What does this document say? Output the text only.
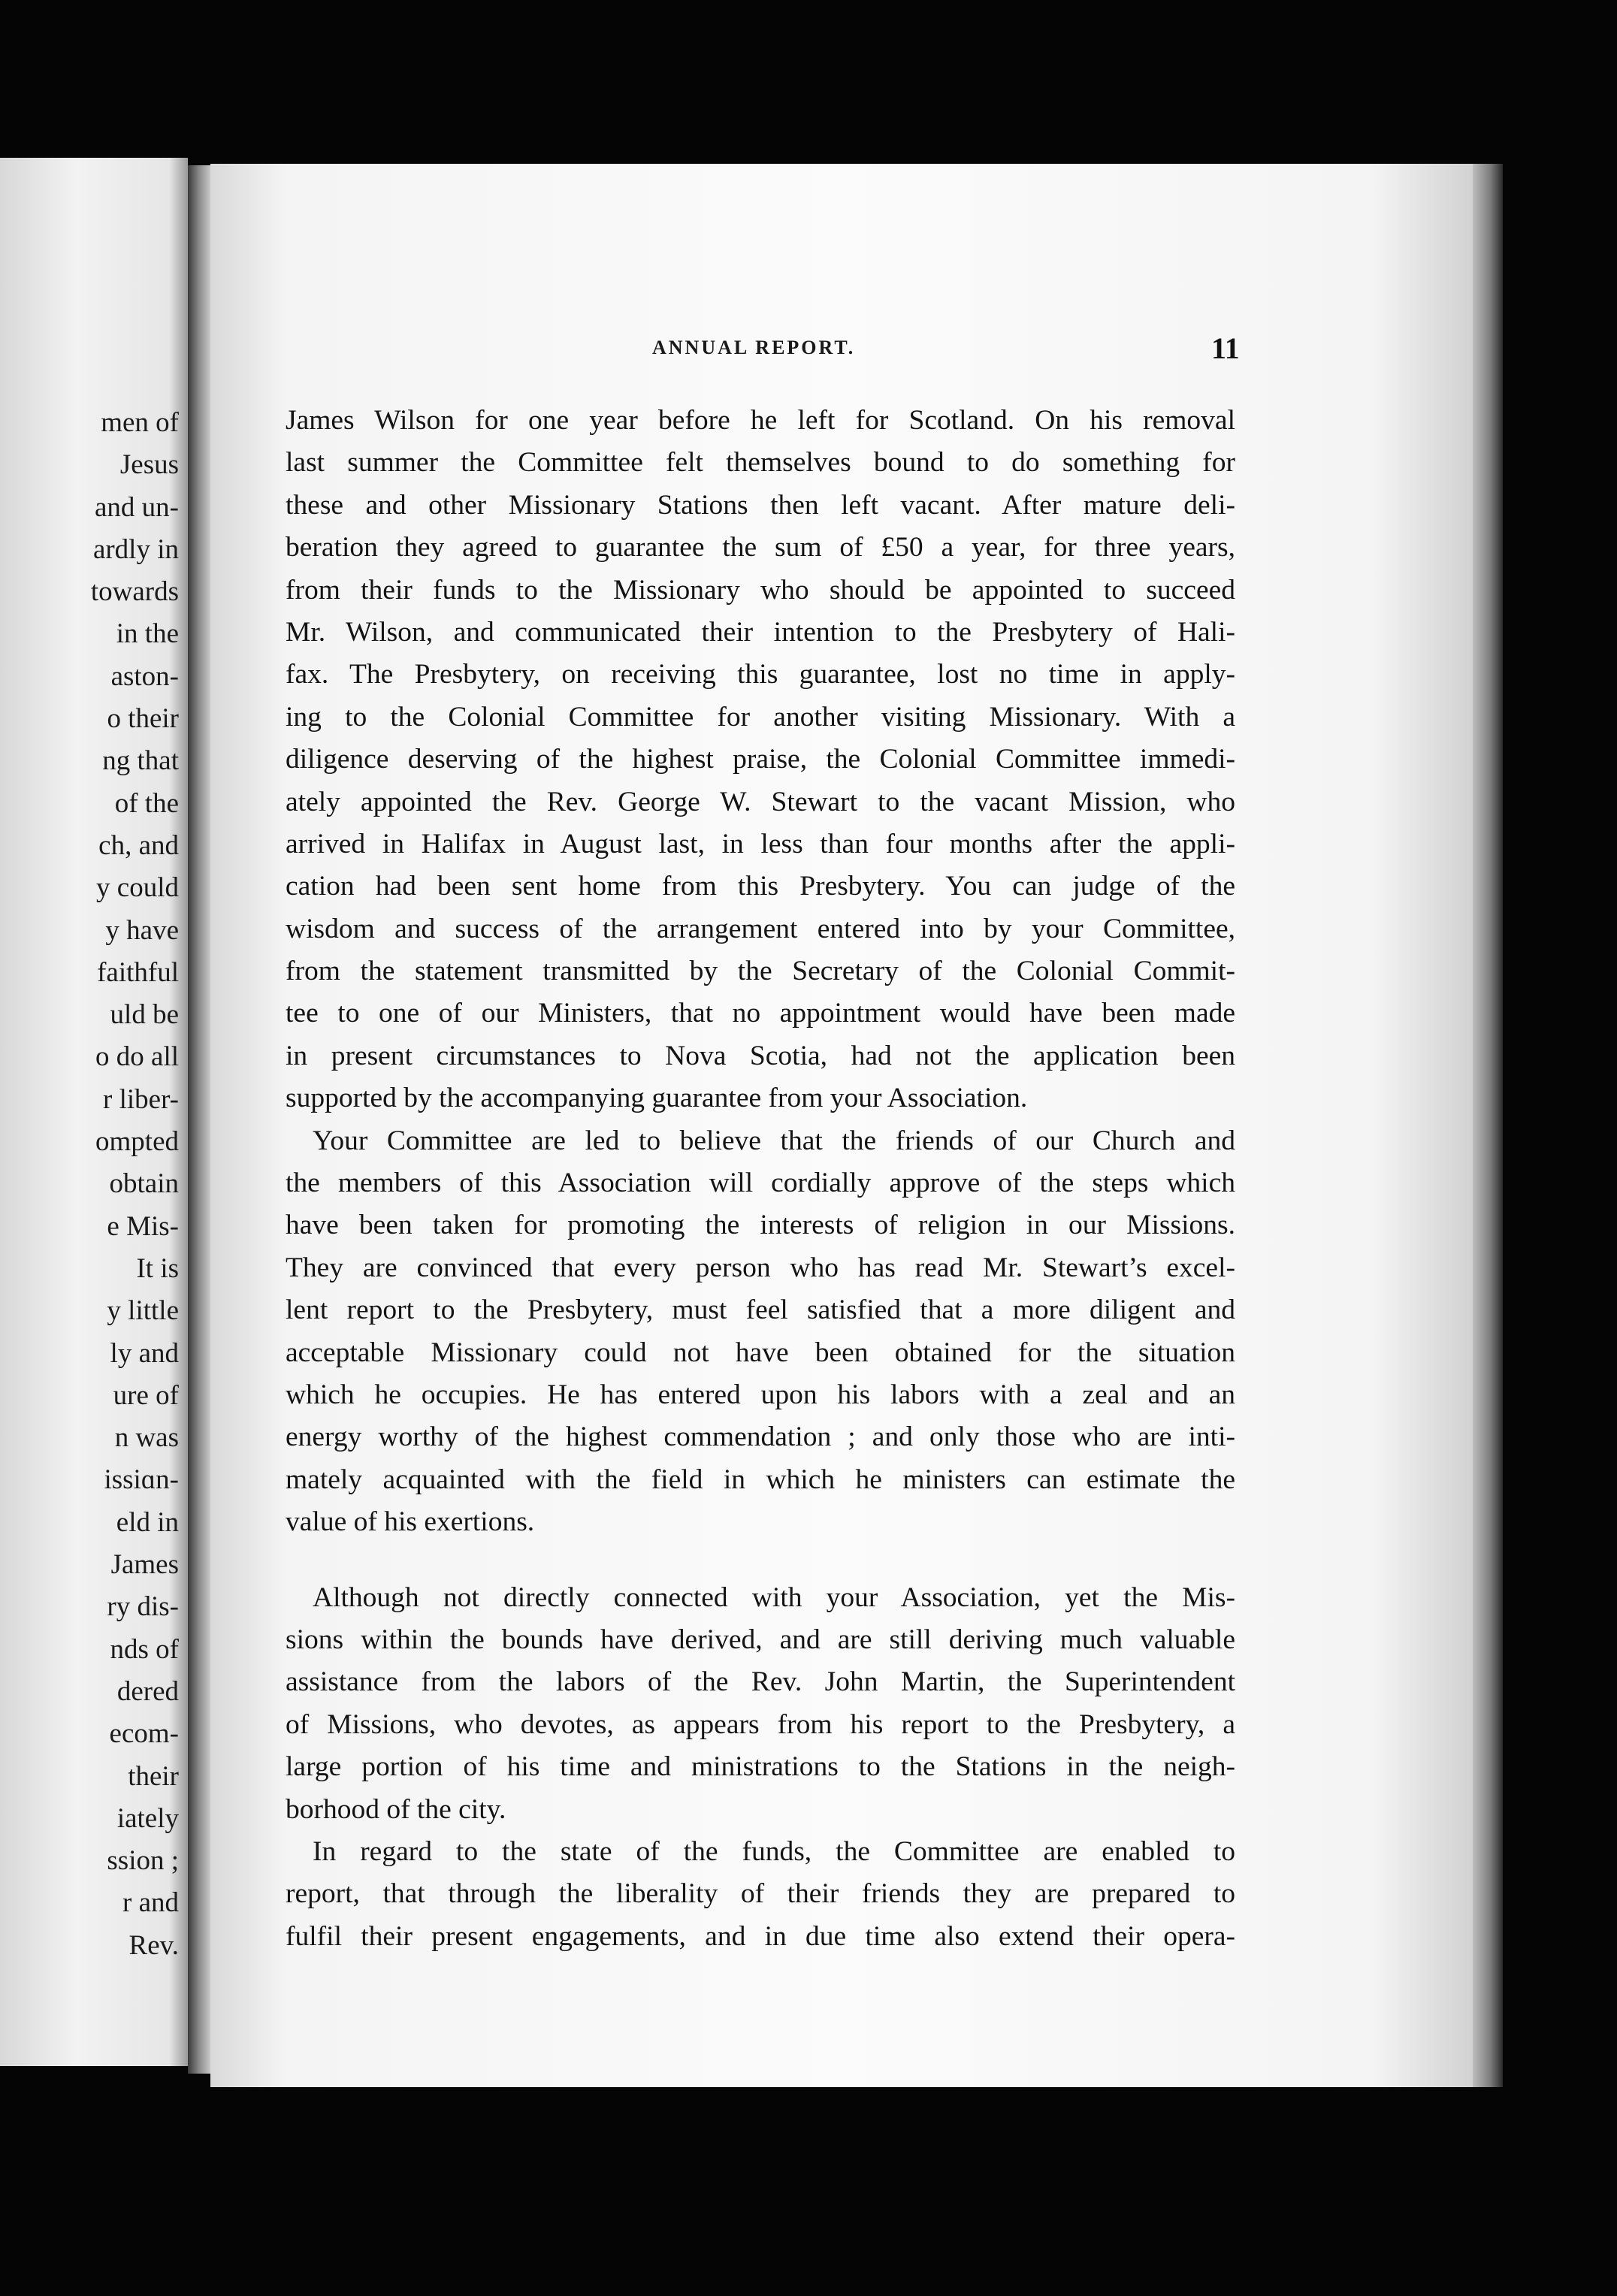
men of
Jesus
and un-
ardly in
towards
in the
aston-
o their
ng that
of the
ch, and
y could
y have
faithful
uld be
o do all
r liber-
ompted
obtain
e Mis-
It is
y little
ly and
ure of
n was
issiɑn-
eld in
James
ry dis-
nds of
dered
ecom-
their
iately
ssion ;
r and
Rev.
ANNUAL REPORT.	11
James Wilson for one year before he left for Scotland. On his removal
last summer the Committee felt themselves bound to do something for
these and other Missionary Stations then left vacant. After mature deli-
beration they agreed to guarantee the sum of £50 a year, for three years,
from their funds to the Missionary who should be appointed to succeed
Mr. Wilson, and communicated their intention to the Presbytery of Hali-
fax. The Presbytery, on receiving this guarantee, lost no time in apply-
ing to the Colonial Committee for another visiting Missionary. With a
diligence deserving of the highest praise, the Colonial Committee immedi-
ately appointed the Rev. George W. Stewart to the vacant Mission, who
arrived in Halifax in August last, in less than four months after the appli-
cation had been sent home from this Presbytery. You can judge of the
wisdom and success of the arrangement entered into by your Committee,
from the statement transmitted by the Secretary of the Colonial Commit-
tee to one of our Ministers, that no appointment would have been made
in present circumstances to Nova Scotia, had not the application been
supported by the accompanying guarantee from your Association.
Your Committee are led to believe that the friends of our Church and
the members of this Association will cordially approve of the steps which
have been taken for promoting the interests of religion in our Missions.
They are convinced that every person who has read Mr. Stewart’s excel-
lent report to the Presbytery, must feel satisfied that a more diligent and
acceptable Missionary could not have been obtained for the situation
which he occupies. He has entered upon his labors with a zeal and an
energy worthy of the highest commendation ; and only those who are inti-
mately acquainted with the field in which he ministers can estimate the
value of his exertions.
Although not directly connected with your Association, yet the Mis-
sions within the bounds have derived, and are still deriving much valuable
assistance from the labors of the Rev. John Martin, the Superintendent
of Missions, who devotes, as appears from his report to the Presbytery, a
large portion of his time and ministrations to the Stations in the neigh-
borhood of the city.
In regard to the state of the funds, the Committee are enabled to
report, that through the liberality of their friends they are prepared to
fulfil their present engagements, and in due time also extend their opera-
